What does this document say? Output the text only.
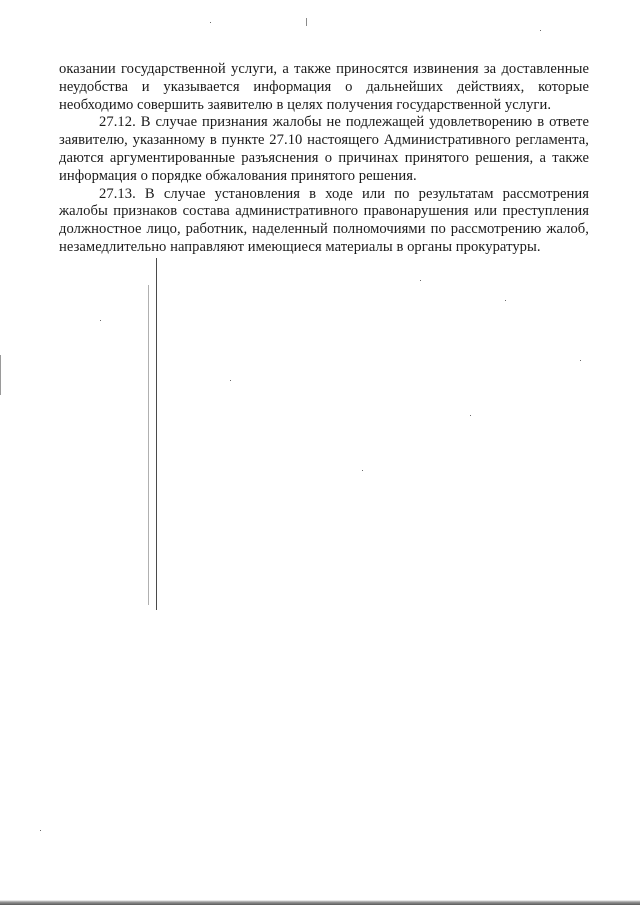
оказании государственной услуги, а также приносятся извинения за доставленные неудобства и указывается информация о дальнейших действиях, которые необходимо совершить заявителю в целях получения государственной услуги.

27.12. В случае признания жалобы не подлежащей удовлетворению в ответе заявителю, указанному в пункте 27.10 настоящего Административного регламента, даются аргументированные разъяснения о причинах принятого решения, а также информация о порядке обжалования принятого решения.

27.13. В случае установления в ходе или по результатам рассмотрения жалобы признаков состава административного правонарушения или преступления должностное лицо, работник, наделенный полномочиями по рассмотрению жалоб, незамедлительно направляют имеющиеся материалы в органы прокуратуры.
